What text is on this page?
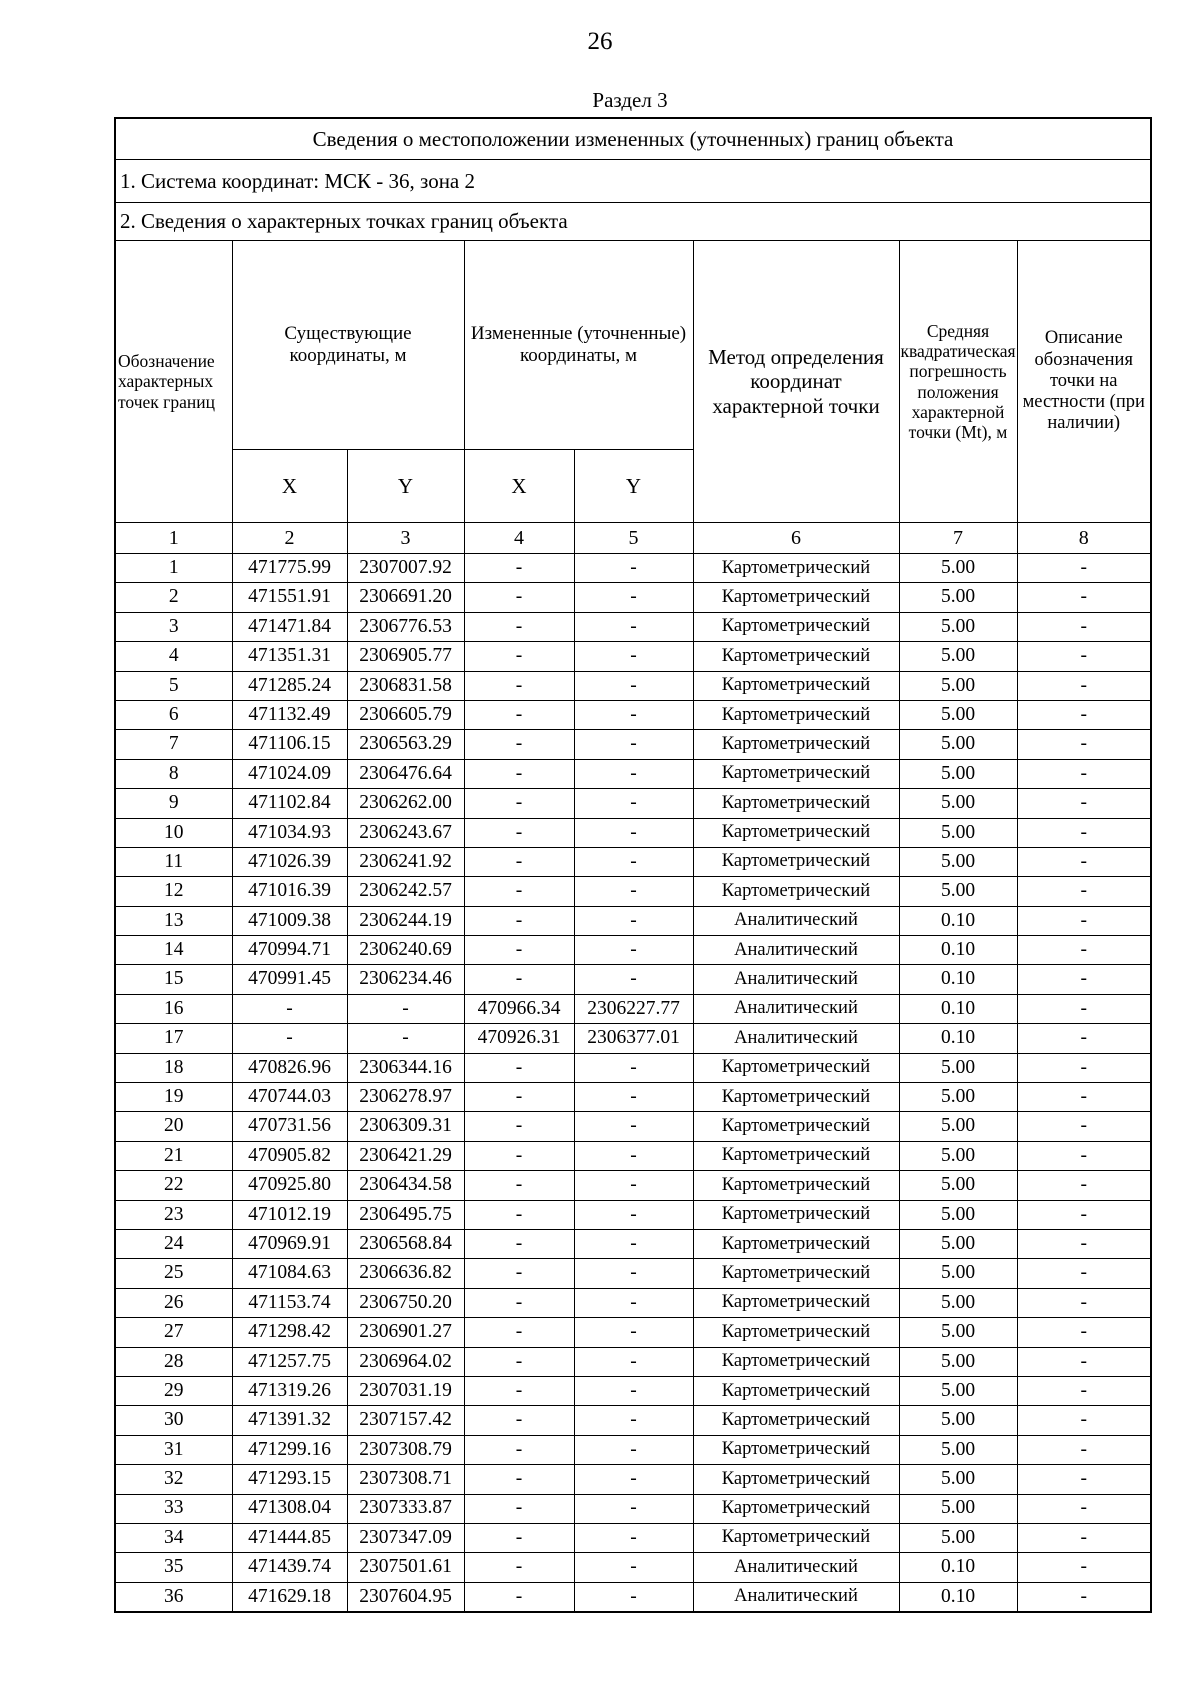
26
Раздел 3
Сведения о местоположении измененных (уточненных) границ объекта							
1. Система координат: МСК - 36, зона 2							
2. Сведения о характерных точках границ объекта							
Обозначение характерных точек границ	Существующие координаты, м		Измененные (уточненные) координаты, м		Метод определения координат характерной точки	Средняя квадратическая погрешность положения характерной точки (Mt), м	Описание обозначения точки на местности (при наличии)
	X	Y	X	Y			
1	2	3	4	5	6	7	8
1	471775.99	2307007.92	-	-	Картометрический	5.00	-
2	471551.91	2306691.20	-	-	Картометрический	5.00	-
3	471471.84	2306776.53	-	-	Картометрический	5.00	-
4	471351.31	2306905.77	-	-	Картометрический	5.00	-
5	471285.24	2306831.58	-	-	Картометрический	5.00	-
6	471132.49	2306605.79	-	-	Картометрический	5.00	-
7	471106.15	2306563.29	-	-	Картометрический	5.00	-
8	471024.09	2306476.64	-	-	Картометрический	5.00	-
9	471102.84	2306262.00	-	-	Картометрический	5.00	-
10	471034.93	2306243.67	-	-	Картометрический	5.00	-
11	471026.39	2306241.92	-	-	Картометрический	5.00	-
12	471016.39	2306242.57	-	-	Картометрический	5.00	-
13	471009.38	2306244.19	-	-	Аналитический	0.10	-
14	470994.71	2306240.69	-	-	Аналитический	0.10	-
15	470991.45	2306234.46	-	-	Аналитический	0.10	-
16	-	-	470966.34	2306227.77	Аналитический	0.10	-
17	-	-	470926.31	2306377.01	Аналитический	0.10	-
18	470826.96	2306344.16	-	-	Картометрический	5.00	-
19	470744.03	2306278.97	-	-	Картометрический	5.00	-
20	470731.56	2306309.31	-	-	Картометрический	5.00	-
21	470905.82	2306421.29	-	-	Картометрический	5.00	-
22	470925.80	2306434.58	-	-	Картометрический	5.00	-
23	471012.19	2306495.75	-	-	Картометрический	5.00	-
24	470969.91	2306568.84	-	-	Картометрический	5.00	-
25	471084.63	2306636.82	-	-	Картометрический	5.00	-
26	471153.74	2306750.20	-	-	Картометрический	5.00	-
27	471298.42	2306901.27	-	-	Картометрический	5.00	-
28	471257.75	2306964.02	-	-	Картометрический	5.00	-
29	471319.26	2307031.19	-	-	Картометрический	5.00	-
30	471391.32	2307157.42	-	-	Картометрический	5.00	-
31	471299.16	2307308.79	-	-	Картометрический	5.00	-
32	471293.15	2307308.71	-	-	Картометрический	5.00	-
33	471308.04	2307333.87	-	-	Картометрический	5.00	-
34	471444.85	2307347.09	-	-	Картометрический	5.00	-
35	471439.74	2307501.61	-	-	Аналитический	0.10	-
36	471629.18	2307604.95	-	-	Аналитический	0.10	-
